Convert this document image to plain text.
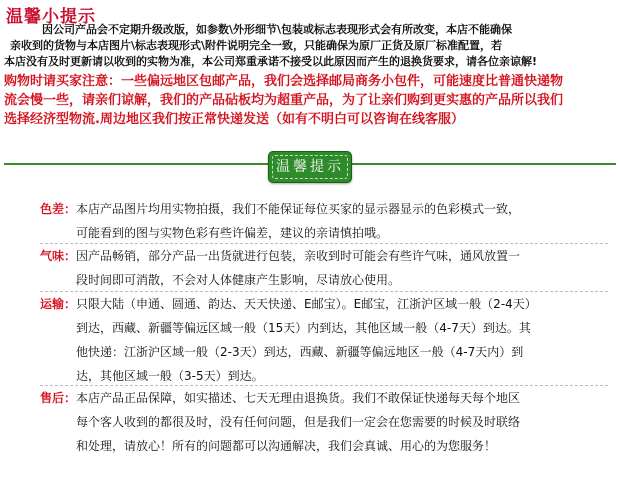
温馨小提示

因公司产品会不定期升级改版，如参数\外形细节\包装或标志表现形式会有所改变，本店不能确保

亲收到的货物与本店图片\标志表现形式\附件说明完全一致，只能确保为原厂正货及原厂标准配置，若

本店没有及时更新请以收到的实物为准，本公司郑重承诺不接受以此原因而产生的退换货要求，请各位亲谅解!

购物时请买家注意：一些偏远地区包邮产品，我们会选择邮局商务小包件，可能速度比普通快递物

流会慢一些，请亲们谅解，我们的产品砧板均为超重产品，为了让亲们购到更实惠的产品所以我们

选择经济型物流.周边地区我们按正常快递发送（如有不明白可以咨询在线客服）

温馨提示

色差：本店产品图片均用实物拍摄，我们不能保证每位买家的显示器显示的色彩模式一致，

可能看到的图与实物色彩有些许偏差，建议的亲请慎拍哦。

气味：因产品畅销，部分产品一出货就进行包装，亲收到时可能会有些许气味，通风放置一

段时间即可消散，不会对人体健康产生影响，尽请放心使用。

运输：只限大陆（申通、圆通、韵达、天天快递、E邮宝）。E邮宝，江浙沪区域一般（2-4天）

到达，西藏、新疆等偏远区域一般（15天）内到达，其他区域一般（4-7天）到达。其

他快递：江浙沪区域一般（2-3天）到达，西藏、新疆等偏远地区一般（4-7天内）到

达，其他区域一般（3-5天）到达。

售后：本店产品正品保障，如实描述、七天无理由退换货。我们不敢保证快递每天每个地区

每个客人收到的都很及时，没有任何问题，但是我们一定会在您需要的时候及时联络

和处理，请放心！所有的问题都可以沟通解决，我们会真诚、用心的为您服务！
